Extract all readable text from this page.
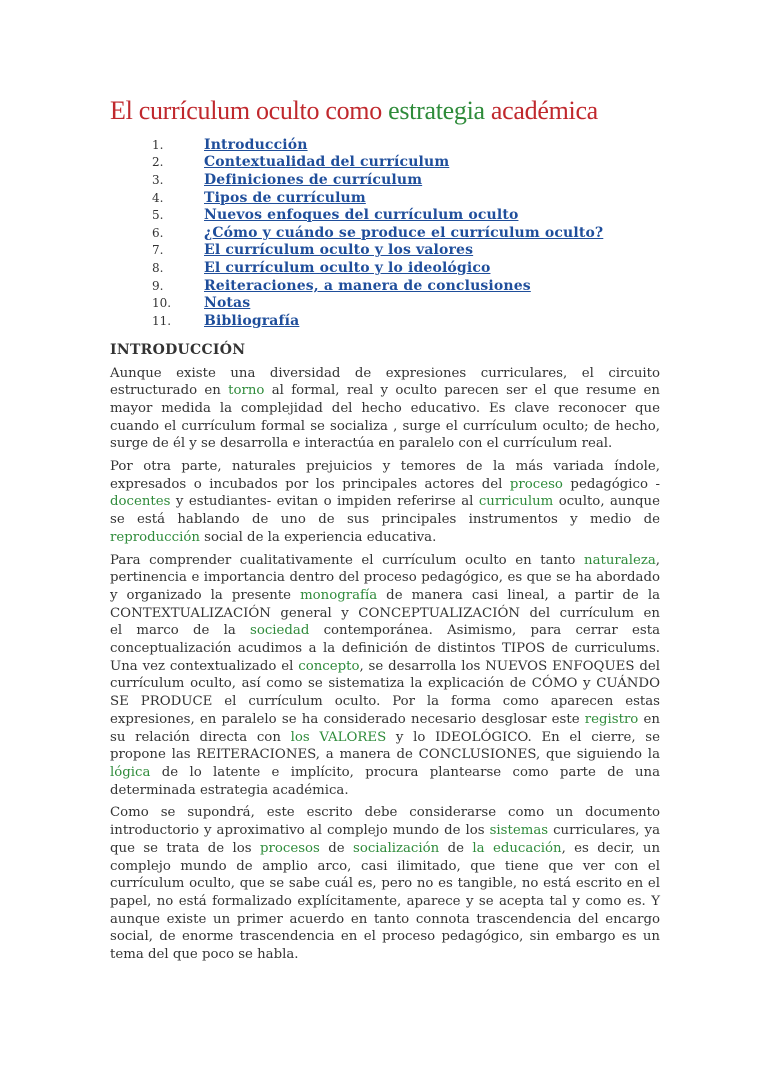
El currículum oculto como estrategia académica
1.	Introducción
2.	Contextualidad del currículum
3.	Definiciones de currículum
4.	Tipos de currículum
5.	Nuevos enfoques del currículum oculto
6.	¿Cómo y cuándo se produce el currículum oculto?
7.	El currículum oculto y los valores
8.	El currículum oculto y lo ideológico
9.	Reiteraciones, a manera de conclusiones
10.	Notas
11.	Bibliografía
INTRODUCCIÓN

Aunque existe una diversidad de expresiones curriculares, el circuito
estructurado en torno al formal, real y oculto parecen ser el que resume en
mayor medida la complejidad del hecho educativo. Es clave reconocer que
cuando el currículum formal se socializa , surge el currículum oculto; de hecho,
surge de él y se desarrolla e interactúa en paralelo con el currículum real.

Por otra parte, naturales prejuicios y temores de la más variada índole,
expresados o incubados por los principales actores del proceso pedagógico -
docentes y estudiantes- evitan o impiden referirse al curriculum oculto, aunque
se está hablando de uno de sus principales instrumentos y medio de
reproducción social de la experiencia educativa.

Para comprender cualitativamente el currículum oculto en tanto naturaleza,
pertinencia e importancia dentro del proceso pedagógico, es que se ha abordado
y organizado la presente monografía de manera casi lineal, a partir de la
CONTEXTUALIZACIÓN general y CONCEPTUALIZACIÓN del currículum en
el marco de la sociedad contemporánea. Asimismo, para cerrar esta
conceptualización acudimos a la definición de distintos TIPOS de curriculums.
Una vez contextualizado el concepto, se desarrolla los NUEVOS ENFOQUES del
currículum oculto, así como se sistematiza la explicación de CÓMO y CUÁNDO
SE PRODUCE el currículum oculto. Por la forma como aparecen estas
expresiones, en paralelo se ha considerado necesario desglosar este registro en
su relación directa con los VALORES y lo IDEOLÓGICO. En el cierre, se
propone las REITERACIONES, a manera de CONCLUSIONES, que siguiendo la
lógica de lo latente e implícito, procura plantearse como parte de una
determinada estrategia académica.

Como se supondrá, este escrito debe considerarse como un documento
introductorio y aproximativo al complejo mundo de los sistemas curriculares, ya
que se trata de los procesos de socialización de la educación, es decir, un
complejo mundo de amplio arco, casi ilimitado, que tiene que ver con el
currículum oculto, que se sabe cuál es, pero no es tangible, no está escrito en el
papel, no está formalizado explícitamente, aparece y se acepta tal y como es. Y
aunque existe un primer acuerdo en tanto connota trascendencia del encargo
social, de enorme trascendencia en el proceso pedagógico, sin embargo es un
tema del que poco se habla.
